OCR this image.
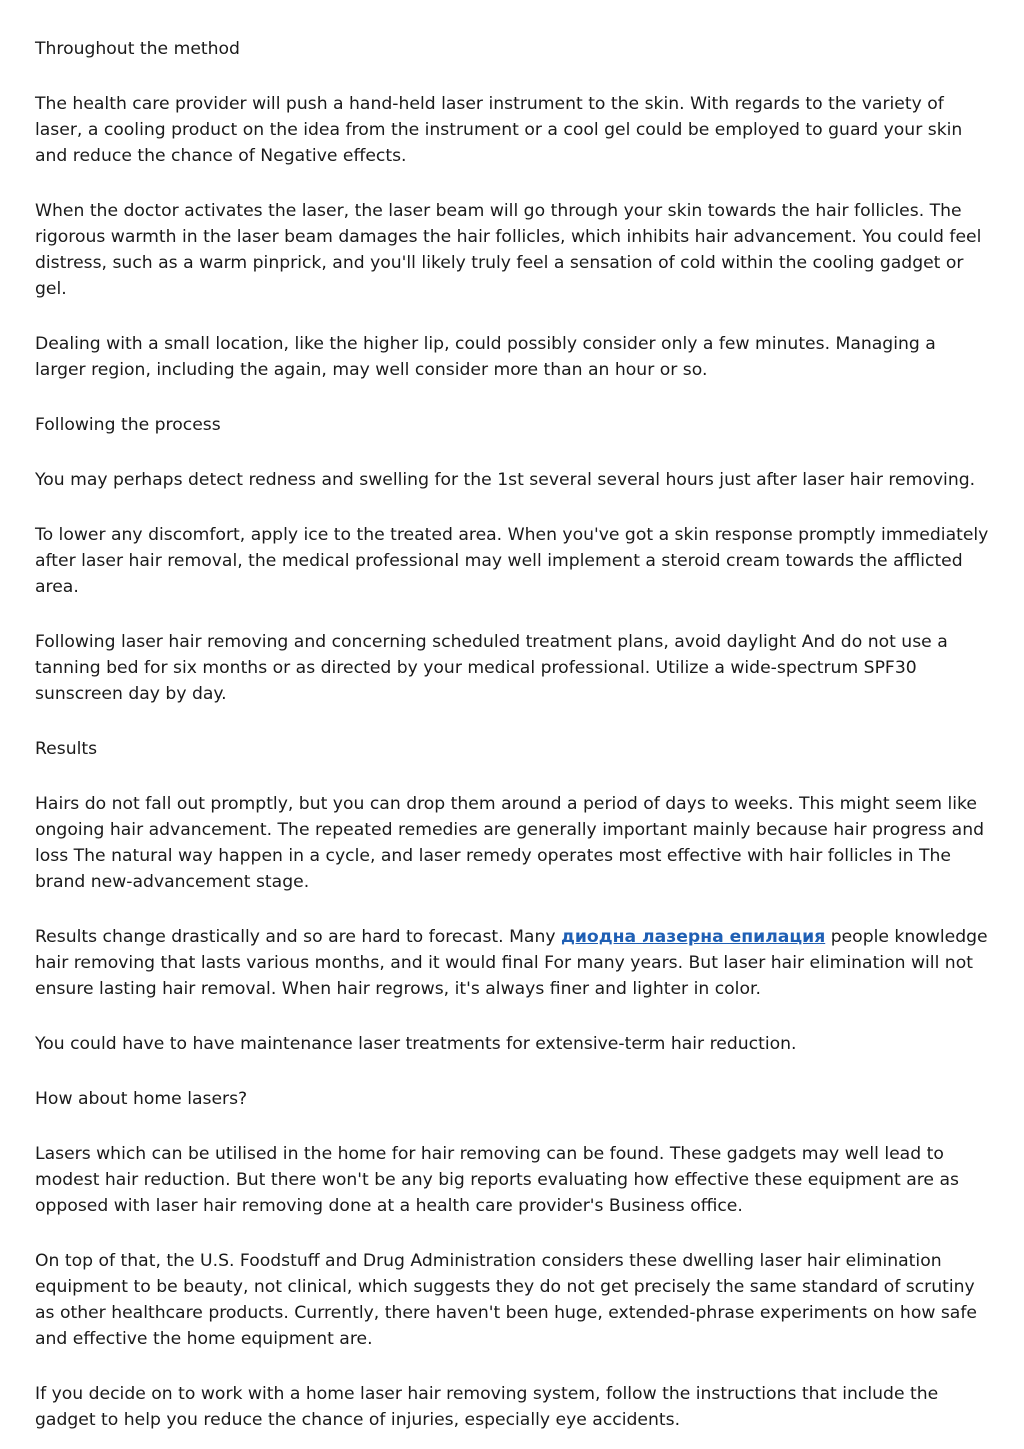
Throughout the method

The health care provider will push a hand-held laser instrument to the skin. With regards to the variety of laser, a cooling product on the idea from the instrument or a cool gel could be employed to guard your skin and reduce the chance of Negative effects.

When the doctor activates the laser, the laser beam will go through your skin towards the hair follicles. The rigorous warmth in the laser beam damages the hair follicles, which inhibits hair advancement. You could feel distress, such as a warm pinprick, and you'll likely truly feel a sensation of cold within the cooling gadget or gel.

Dealing with a small location, like the higher lip, could possibly consider only a few minutes. Managing a larger region, including the again, may well consider more than an hour or so.

Following the process

You may perhaps detect redness and swelling for the 1st several several hours just after laser hair removing.

To lower any discomfort, apply ice to the treated area. When you've got a skin response promptly immediately after laser hair removal, the medical professional may well implement a steroid cream towards the afflicted area.

Following laser hair removing and concerning scheduled treatment plans, avoid daylight And do not use a tanning bed for six months or as directed by your medical professional. Utilize a wide-spectrum SPF30 sunscreen day by day.

Results

Hairs do not fall out promptly, but you can drop them around a period of days to weeks. This might seem like ongoing hair advancement. The repeated remedies are generally important mainly because hair progress and loss The natural way happen in a cycle, and laser remedy operates most effective with hair follicles in The brand new-advancement stage.

Results change drastically and so are hard to forecast. Many диодна лазерна епилация people knowledge hair removing that lasts various months, and it would final For many years. But laser hair elimination will not ensure lasting hair removal. When hair regrows, it's always finer and lighter in color.

You could have to have maintenance laser treatments for extensive-term hair reduction.

How about home lasers?

Lasers which can be utilised in the home for hair removing can be found. These gadgets may well lead to modest hair reduction. But there won't be any big reports evaluating how effective these equipment are as opposed with laser hair removing done at a health care provider's Business office.

On top of that, the U.S. Foodstuff and Drug Administration considers these dwelling laser hair elimination equipment to be beauty, not clinical, which suggests they do not get precisely the same standard of scrutiny as other healthcare products. Currently, there haven't been huge, extended-phrase experiments on how safe and effective the home equipment are.

If you decide on to work with a home laser hair removing system, follow the instructions that include the gadget to help you reduce the chance of injuries, especially eye accidents.
